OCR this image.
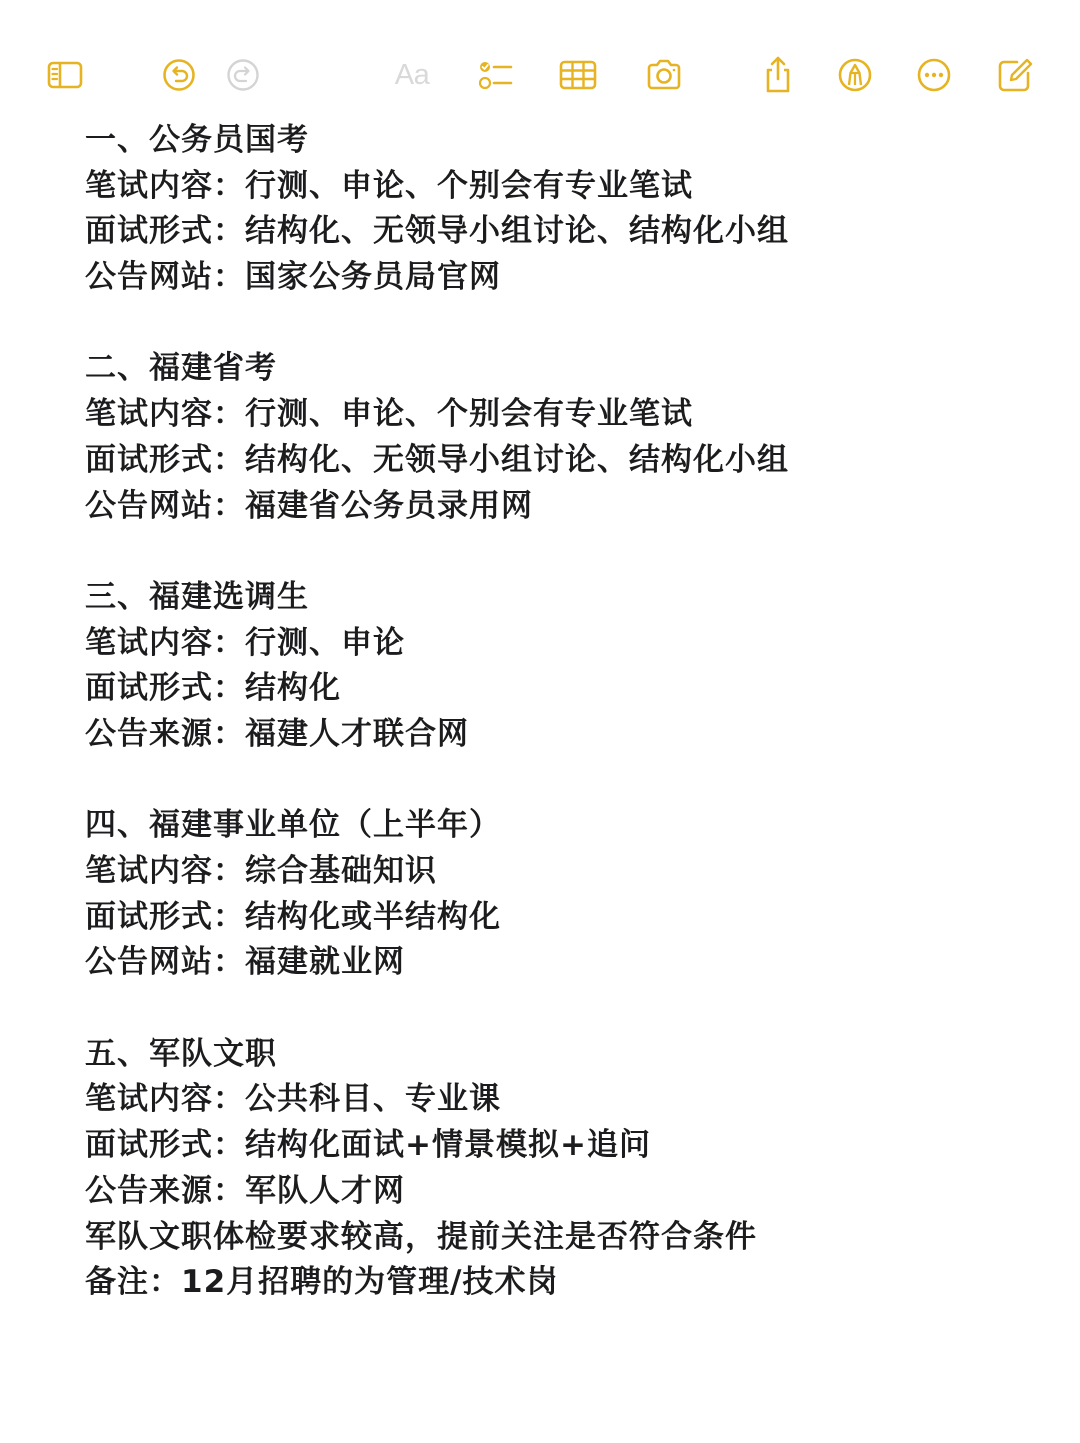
Aa
一、公务员国考
笔试内容：行测、申论、个别会有专业笔试
面试形式：结构化、无领导小组讨论、结构化小组
公告网站：国家公务员局官网
二、福建省考
笔试内容：行测、申论、个别会有专业笔试
面试形式：结构化、无领导小组讨论、结构化小组
公告网站：福建省公务员录用网
三、福建选调生
笔试内容：行测、申论
面试形式：结构化
公告来源：福建人才联合网
四、福建事业单位（上半年）
笔试内容：综合基础知识
面试形式：结构化或半结构化
公告网站：福建就业网
五、军队文职
笔试内容：公共科目、专业课
面试形式：结构化面试+情景模拟+追问
公告来源：军队人才网
军队文职体检要求较高，提前关注是否符合条件
备注：12月招聘的为管理/技术岗
